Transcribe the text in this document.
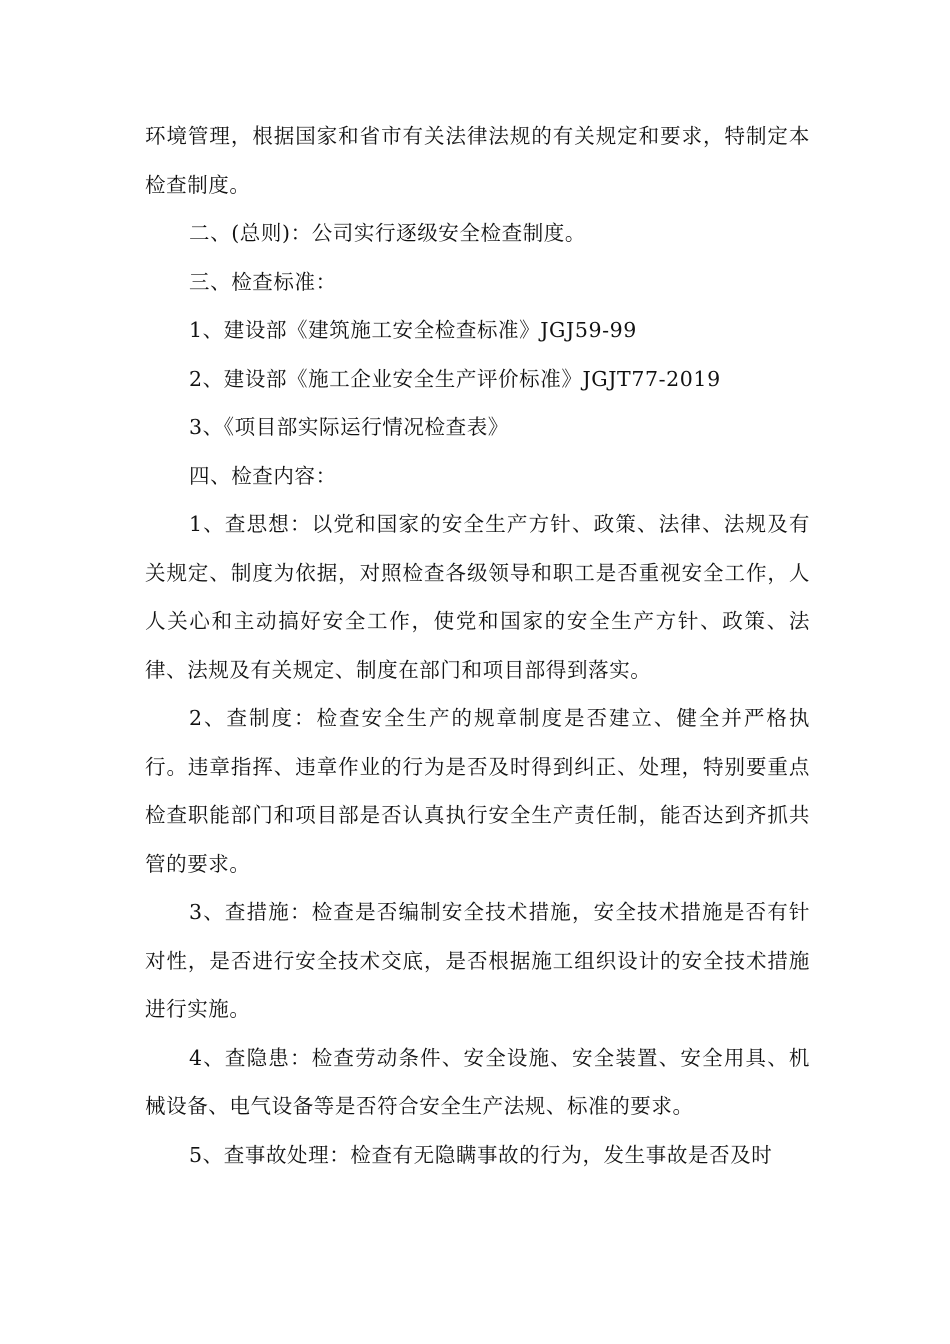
环境管理，根据国家和省市有关法律法规的有关规定和要求，特制定本检查制度。

二、(总则)：公司实行逐级安全检查制度。

三、检查标准：

1、建设部《建筑施工安全检查标准》JGJ59-99

2、建设部《施工企业安全生产评价标准》JGJT77-2019

3、《项目部实际运行情况检查表》

四、检查内容：

1、查思想：以党和国家的安全生产方针、政策、法律、法规及有关规定、制度为依据，对照检查各级领导和职工是否重视安全工作，人人关心和主动搞好安全工作，使党和国家的安全生产方针、政策、法律、法规及有关规定、制度在部门和项目部得到落实。

2、查制度：检查安全生产的规章制度是否建立、健全并严格执行。违章指挥、违章作业的行为是否及时得到纠正、处理，特别要重点检查职能部门和项目部是否认真执行安全生产责任制，能否达到齐抓共管的要求。

3、查措施：检查是否编制安全技术措施，安全技术措施是否有针对性，是否进行安全技术交底，是否根据施工组织设计的安全技术措施进行实施。

4、查隐患：检查劳动条件、安全设施、安全装置、安全用具、机械设备、电气设备等是否符合安全生产法规、标准的要求。

5、查事故处理：检查有无隐瞒事故的行为，发生事故是否及时
